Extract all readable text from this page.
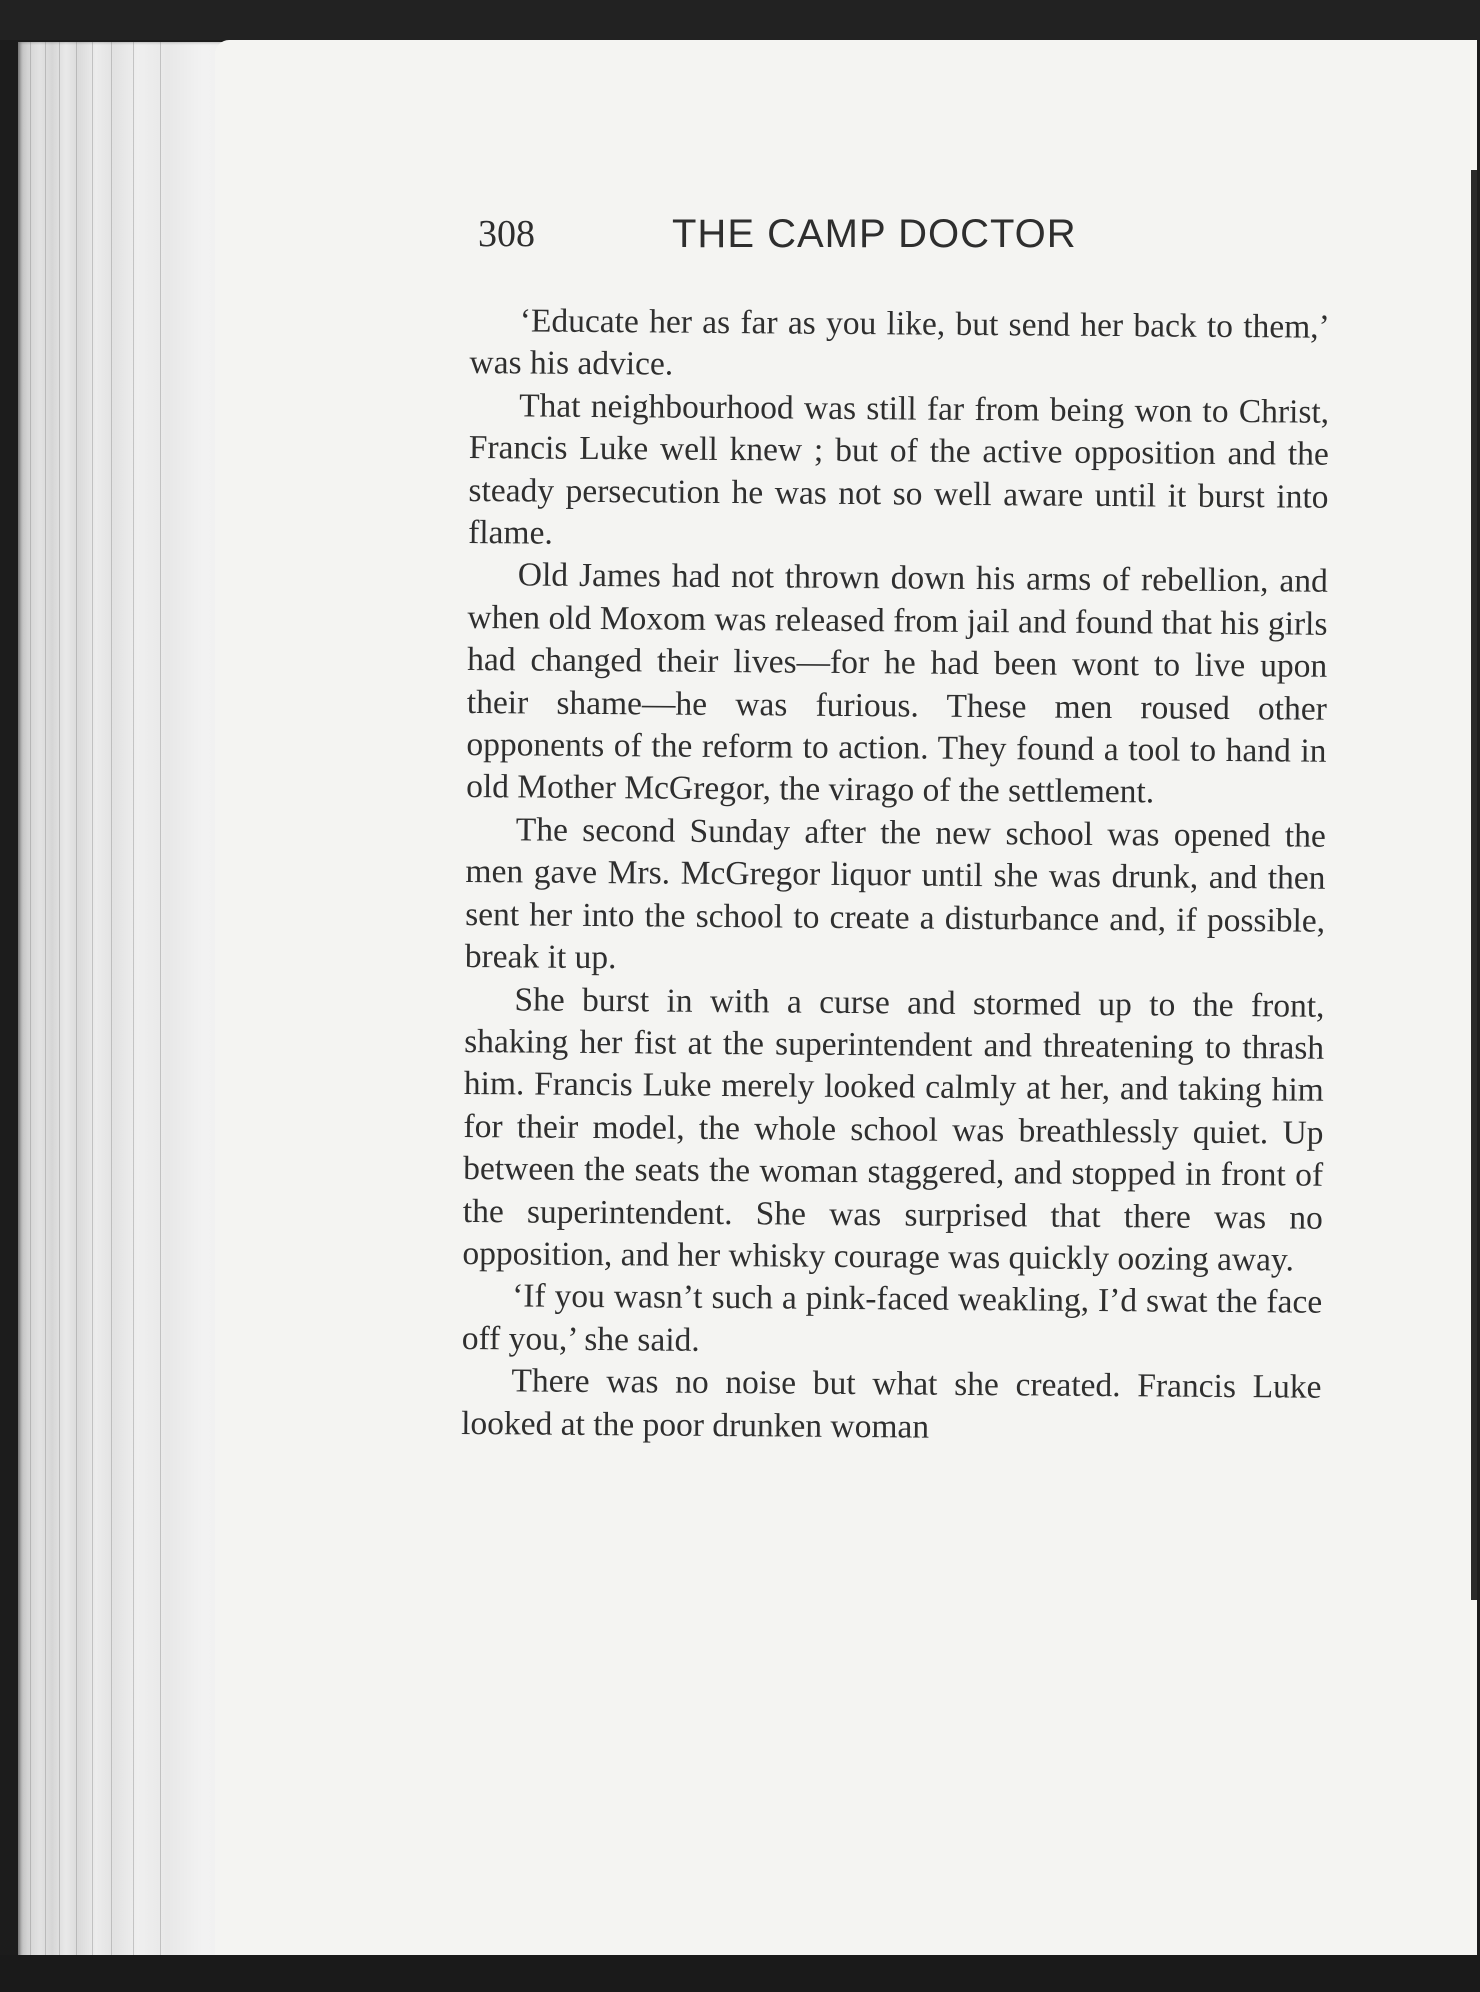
308	THE CAMP DOCTOR

‘Educate her as far as you like, but send her back to them,’ was his advice.

That neighbourhood was still far from being won to Christ, Francis Luke well knew ; but of the active opposition and the steady persecution he was not so well aware until it burst into flame.

Old James had not thrown down his arms of rebellion, and when old Moxom was released from jail and found that his girls had changed their lives—for he had been wont to live upon their shame—he was furious. These men roused other opponents of the reform to action. They found a tool to hand in old Mother McGregor, the virago of the settlement.

The second Sunday after the new school was opened the men gave Mrs. McGregor liquor until she was drunk, and then sent her into the school to create a disturbance and, if possible, break it up.

She burst in with a curse and stormed up to the front, shaking her fist at the superintendent and threatening to thrash him. Francis Luke merely looked calmly at her, and taking him for their model, the whole school was breathlessly quiet. Up between the seats the woman staggered, and stopped in front of the superintendent. She was surprised that there was no opposition, and her whisky courage was quickly oozing away.

‘If you wasn’t such a pink-faced weakling, I’d swat the face off you,’ she said.

There was no noise but what she created. Francis Luke looked at the poor drunken woman
